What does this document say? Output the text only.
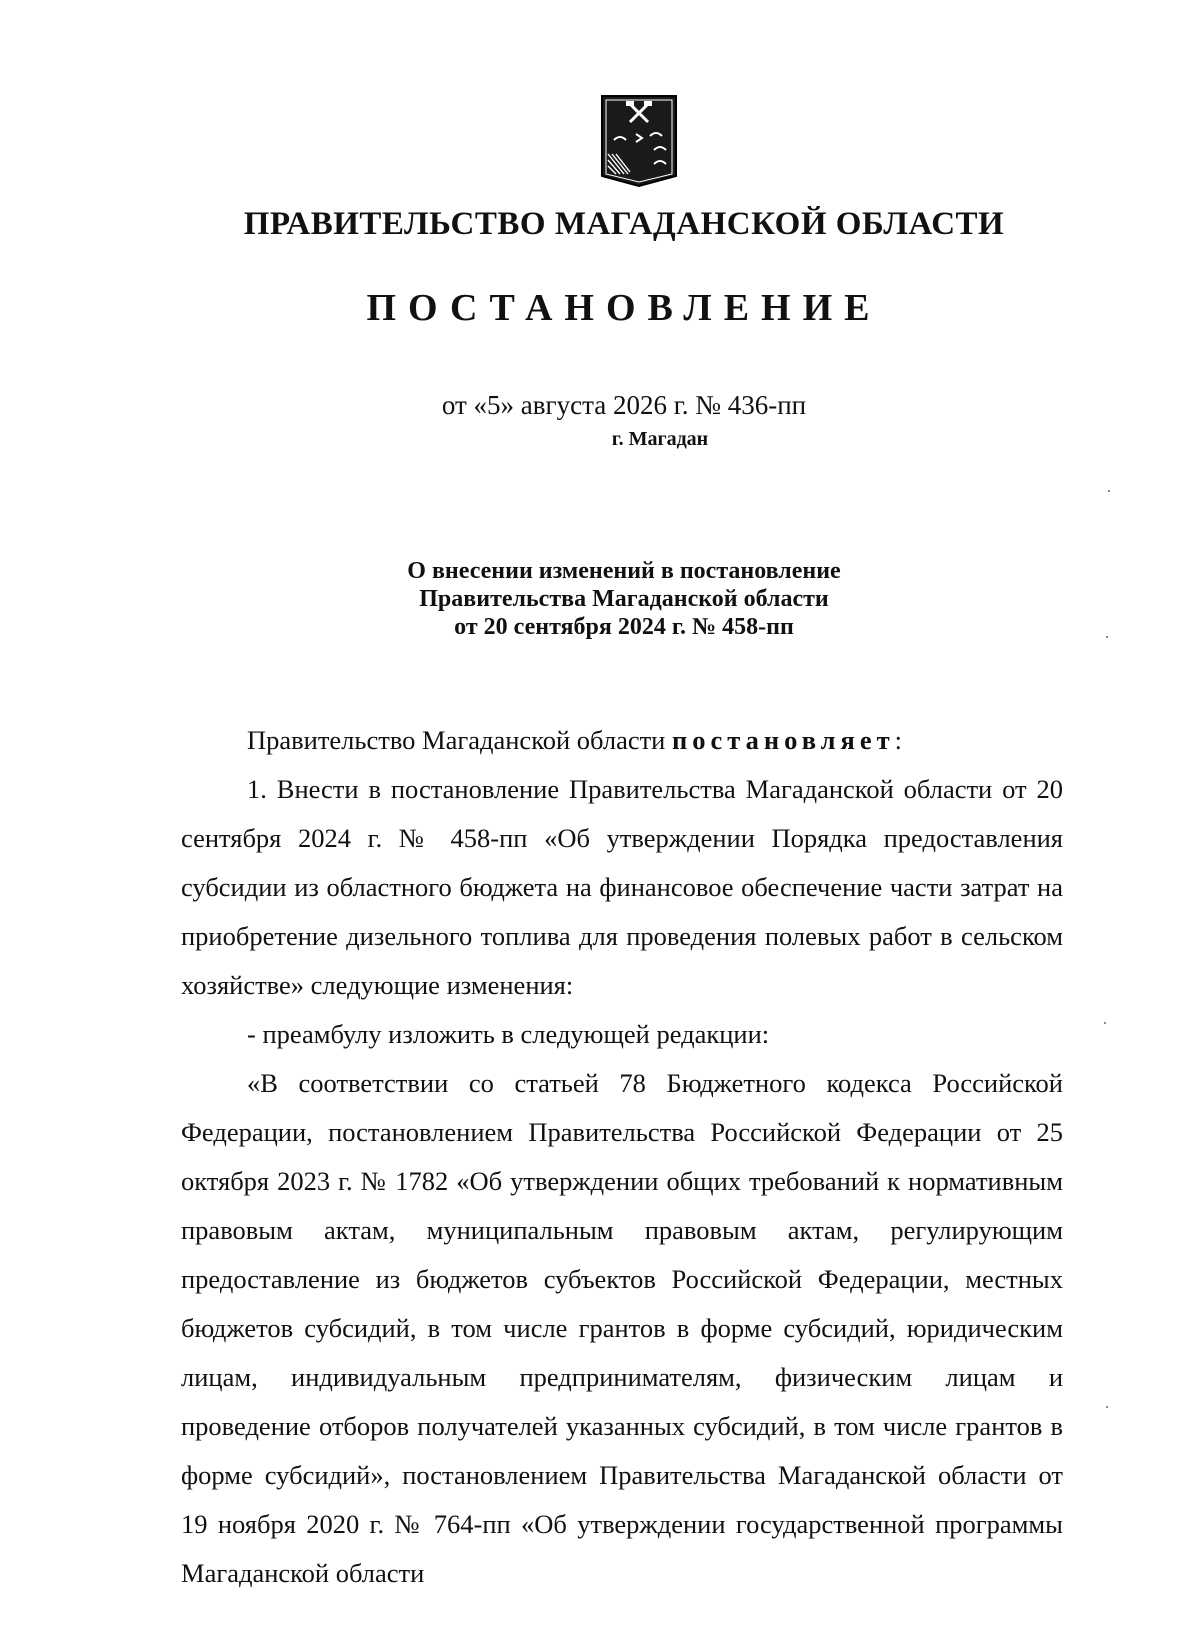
ПРАВИТЕЛЬСТВО МАГАДАНСКОЙ ОБЛАСТИ
ПОСТАНОВЛЕНИЕ
от «5» августа 2026 г. № 436-пп
г. Магадан
О внесении изменений в постановление
Правительства Магаданской области
от 20 сентября 2024 г. № 458-пп

Правительство Магаданской области постановляет:

1. Внести в постановление Правительства Магаданской области от 20 сентября 2024 г. № 458-пп «Об утверждении Порядка предоставления субсидии из областного бюджета на финансовое обеспечение части затрат на приобретение дизельного топлива для проведения полевых работ в сельском хозяйстве» следующие изменения:

- преамбулу изложить в следующей редакции:

«В соответствии со статьей 78 Бюджетного кодекса Российской Федерации, постановлением Правительства Российской Федерации от 25 октября 2023 г. № 1782 «Об утверждении общих требований к нормативным правовым актам, муниципальным правовым актам, регулирующим предоставление из бюджетов субъектов Российской Федерации, местных бюджетов субсидий, в том числе грантов в форме субсидий, юридическим лицам, индивидуальным предпринимателям, физическим лицам и проведение отборов получателей указанных субсидий, в том числе грантов в форме субсидий», постановлением Правительства Магаданской области от 19 ноября 2020 г. № 764-пп «Об утверждении государственной программы Магаданской области
